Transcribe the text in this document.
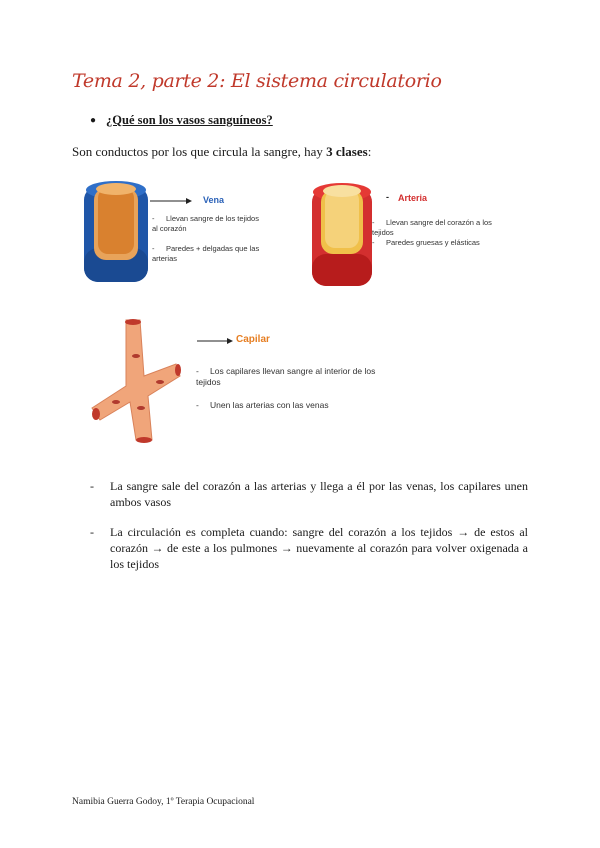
Tema 2, parte 2: El sistema circulatorio
● ¿Qué son los vasos sanguíneos?
Son conductos por los que circula la sangre, hay 3 clases:
Vena
- Llevan sangre de los tejidos al corazón
- Paredes + delgadas que las arterias
- Arteria
- Llevan sangre del corazón a los tejidos
- Paredes gruesas y elásticas
Capilar
- Los capilares llevan sangre al interior de los tejidos
- Unen las arterias con las venas
-	La sangre sale del corazón a las arterias y llega a él por las venas, los capilares unen ambos vasos
-	La circulación es completa cuando: sangre del corazón a los tejidos → de estos al corazón → de este a los pulmones → nuevamente al corazón para volver oxigenada a los tejidos
Namibia Guerra Godoy, 1º Terapia Ocupacional
